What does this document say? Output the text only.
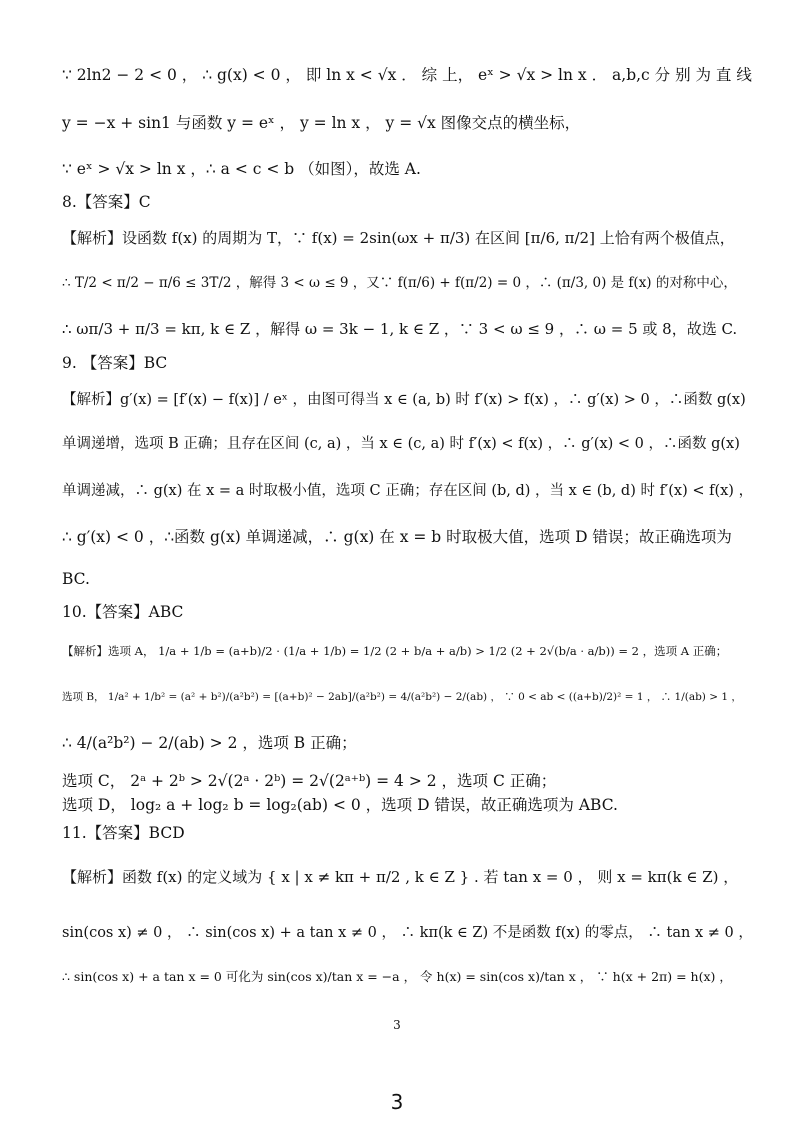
∵ 2ln2 − 2 < 0 ， ∴ g(x) < 0 ， 即 ln x < √x ． 综 上， eˣ > √x > ln x ． a,b,c 分 别 为 直 线
y = −x + sin1 与函数 y = eˣ ， y = ln x ， y = √x 图像交点的横坐标，
∵ eˣ > √x > ln x ，∴ a < c < b （如图），故选 A.
8.【答案】C
【解析】设函数 f(x) 的周期为 T，∵ f(x) = 2sin(ωx + π/3) 在区间 [π/6, π/2] 上恰有两个极值点，
∴ T/2 < π/2 − π/6 ≤ 3T/2 ，解得 3 < ω ≤ 9 ，又∵ f(π/6) + f(π/2) = 0 ，∴ (π/3, 0) 是 f(x) 的对称中心，
∴ ωπ/3 + π/3 = kπ, k ∈ Z ，解得 ω = 3k − 1, k ∈ Z ，∵ 3 < ω ≤ 9 ，∴ ω = 5 或 8，故选 C.
9. 【答案】BC
【解析】g′(x) = [f′(x) − f(x)] / eˣ ，由图可得当 x ∈ (a, b) 时 f′(x) > f(x) ，∴ g′(x) > 0 ，∴函数 g(x)
单调递增，选项 B 正确；且存在区间 (c, a) ，当 x ∈ (c, a) 时 f′(x) < f(x) ，∴ g′(x) < 0 ，∴函数 g(x)
单调递减，∴ g(x) 在 x = a 时取极小值，选项 C 正确；存在区间 (b, d) ，当 x ∈ (b, d) 时 f′(x) < f(x) ，
∴ g′(x) < 0 ，∴函数 g(x) 单调递减，∴ g(x) 在 x = b 时取极大值，选项 D 错误；故正确选项为
BC.
10.【答案】ABC
【解析】选项 A， 1/a + 1/b = (a+b)/2 · (1/a + 1/b) = 1/2 (2 + b/a + a/b) > 1/2 (2 + 2√(b/a · a/b)) = 2 ，选项 A 正确；
选项 B， 1/a² + 1/b² = (a² + b²)/(a²b²) = [(a+b)² − 2ab]/(a²b²) = 4/(a²b²) − 2/(ab) ， ∵ 0 < ab < ((a+b)/2)² = 1 ， ∴ 1/(ab) > 1 ，
∴ 4/(a²b²) − 2/(ab) > 2 ，选项 B 正确；
选项 C， 2ᵃ + 2ᵇ > 2√(2ᵃ · 2ᵇ) = 2√(2ᵃ⁺ᵇ) = 4 > 2 ，选项 C 正确；
选项 D， log₂ a + log₂ b = log₂(ab) < 0 ，选项 D 错误，故正确选项为 ABC.
11.【答案】BCD
【解析】函数 f(x) 的定义域为 { x | x ≠ kπ + π/2 , k ∈ Z } . 若 tan x = 0 ， 则 x = kπ(k ∈ Z) ，
sin(cos x) ≠ 0 ， ∴ sin(cos x) + a tan x ≠ 0 ， ∴ kπ(k ∈ Z) 不是函数 f(x) 的零点， ∴ tan x ≠ 0 ，
∴ sin(cos x) + a tan x = 0 可化为 sin(cos x)/tan x = −a ， 令 h(x) = sin(cos x)/tan x ， ∵ h(x + 2π) = h(x) ，
3
3
